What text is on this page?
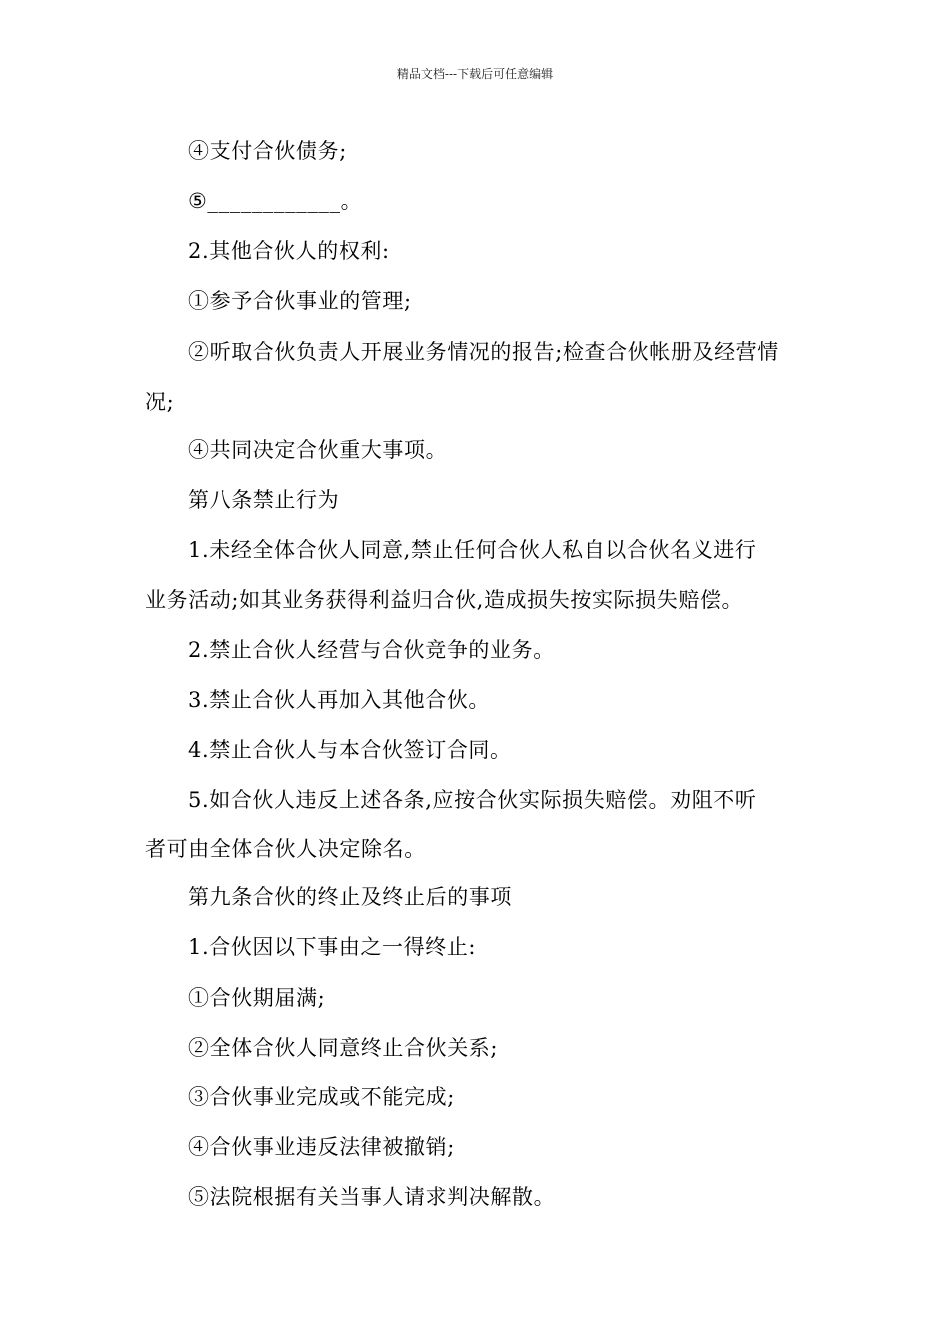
精品文档---下载后可任意编辑
④支付合伙债务;
⑤____________。
2.其他合伙人的权利:
①参予合伙事业的管理;
②听取合伙负责人开展业务情况的报告;检查合伙帐册及经营情
况;
④共同决定合伙重大事项。
第八条禁止行为
1.未经全体合伙人同意,禁止任何合伙人私自以合伙名义进行
业务活动;如其业务获得利益归合伙,造成损失按实际损失赔偿。
2.禁止合伙人经营与合伙竞争的业务。
3.禁止合伙人再加入其他合伙。
4.禁止合伙人与本合伙签订合同。
5.如合伙人违反上述各条,应按合伙实际损失赔偿。劝阻不听
者可由全体合伙人决定除名。
第九条合伙的终止及终止后的事项
1.合伙因以下事由之一得终止:
①合伙期届满;
②全体合伙人同意终止合伙关系;
③合伙事业完成或不能完成;
④合伙事业违反法律被撤销;
⑤法院根据有关当事人请求判决解散。
